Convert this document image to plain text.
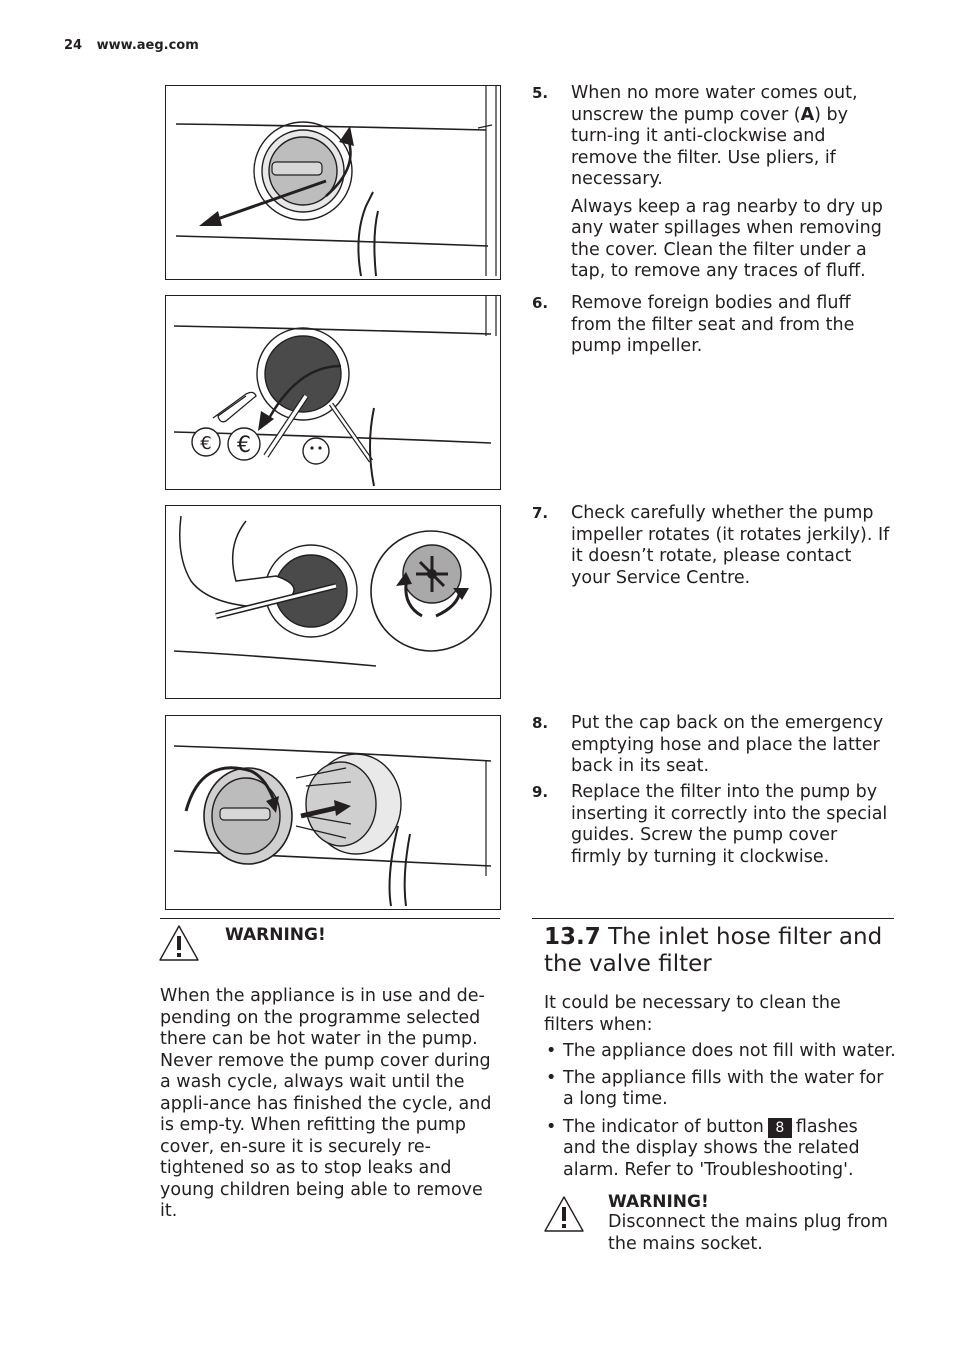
24 www.aeg.com
€ €
5. When no more water comes out, unscrew the pump cover (A) by turn-ing it anti-clockwise and remove the filter. Use pliers, if necessary.

Always keep a rag nearby to dry up any water spillages when removing the cover. Clean the filter under a tap, to remove any traces of fluff.

6. Remove foreign bodies and fluff from the filter seat and from the pump impeller.

7. Check carefully whether the pump impeller rotates (it rotates jerkily). If it doesn’t rotate, please contact your Service Centre.

8. Put the cap back on the emergency emptying hose and place the latter back in its seat.

9. Replace the filter into the pump by inserting it correctly into the special guides. Screw the pump cover firmly by turning it clockwise.

WARNING!
When the appliance is in use and de-pending on the programme selected there can be hot water in the pump. Never remove the pump cover during a wash cycle, always wait until the appli-ance has finished the cycle, and is emp-ty. When refitting the pump cover, en-sure it is securely re-tightened so as to stop leaks and young children being able to remove it.
13.7 The inlet hose filter and the valve filter
It could be necessary to clean the filters when:
• The appliance does not fill with water.
• The appliance fills with the water for a long time.
• The indicator of button 8 flashes and the display shows the related alarm. Refer to 'Troubleshooting'.
WARNING!
Disconnect the mains plug from the mains socket.
